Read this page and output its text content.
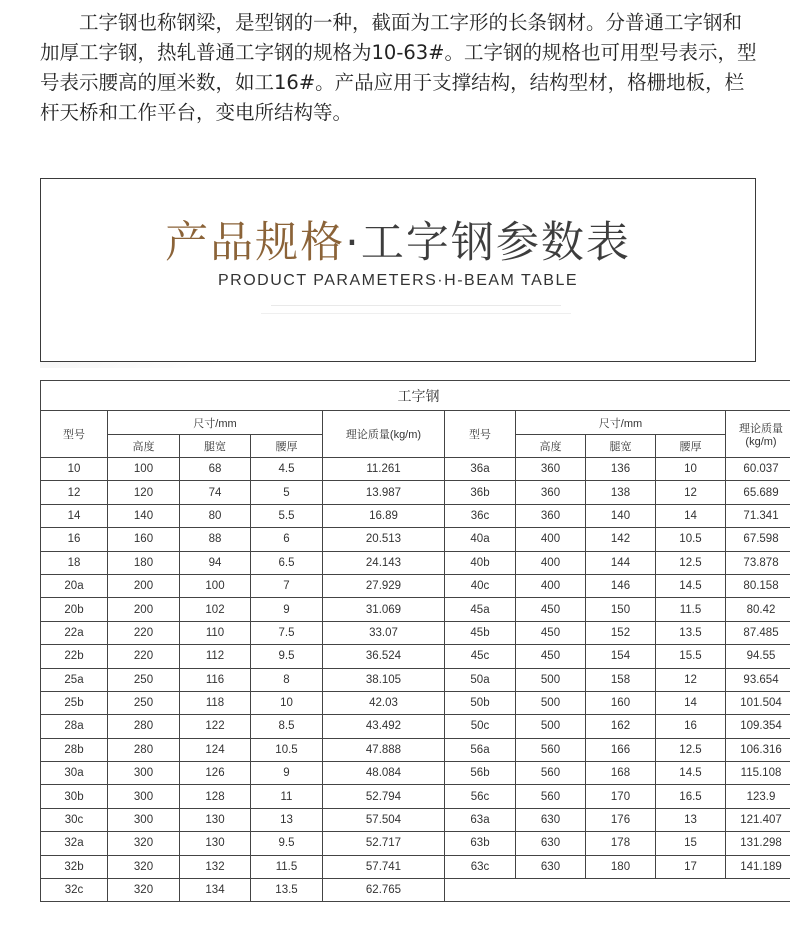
工字钢也称钢梁，是型钢的一种，截面为工字形的长条钢材。分普通工字钢和加厚工字钢，热轧普通工字钢的规格为10-63#。工字钢的规格也可用型号表示，型号表示腰高的厘米数，如工16#。产品应用于支撑结构，结构型材，格栅地板，栏杆天桥和工作平台，变电所结构等。

产品规格·工字钢参数表
PRODUCT PARAMETERS·H-BEAM TABLE
工字钢									
型号	尺寸/mm			理论质量(kg/m)	型号	尺寸/mm			理论质量(kg/m)
	高度	腿宽	腰厚			高度	腿宽	腰厚	
10	100	68	4.5	11.261	36a	360	136	10	60.037
12	120	74	5	13.987	36b	360	138	12	65.689
14	140	80	5.5	16.89	36c	360	140	14	71.341
16	160	88	6	20.513	40a	400	142	10.5	67.598
18	180	94	6.5	24.143	40b	400	144	12.5	73.878
20a	200	100	7	27.929	40c	400	146	14.5	80.158
20b	200	102	9	31.069	45a	450	150	11.5	80.42
22a	220	110	7.5	33.07	45b	450	152	13.5	87.485
22b	220	112	9.5	36.524	45c	450	154	15.5	94.55
25a	250	116	8	38.105	50a	500	158	12	93.654
25b	250	118	10	42.03	50b	500	160	14	101.504
28a	280	122	8.5	43.492	50c	500	162	16	109.354
28b	280	124	10.5	47.888	56a	560	166	12.5	106.316
30a	300	126	9	48.084	56b	560	168	14.5	115.108
30b	300	128	11	52.794	56c	560	170	16.5	123.9
30c	300	130	13	57.504	63a	630	176	13	121.407
32a	320	130	9.5	52.717	63b	630	178	15	131.298
32b	320	132	11.5	57.741	63c	630	180	17	141.189
32c	320	134	13.5	62.765					
